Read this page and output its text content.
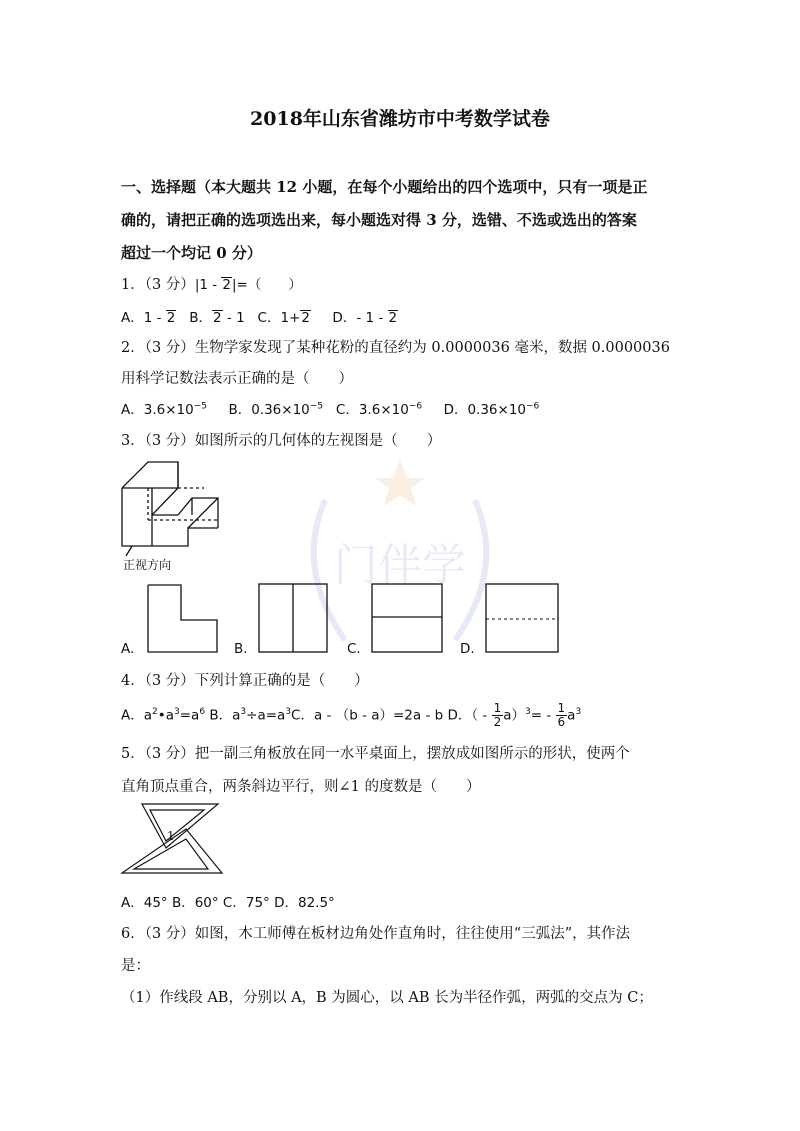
门伴学
2018年山东省潍坊市中考数学试卷
一、选择题（本大题共 12 小题，在每个小题给出的四个选项中，只有一项是正
确的，请把正确的选项选出来，每小题选对得 3 分，选错、不选或选出的答案
超过一个均记 0 分）
1．（3 分）|1 - 2|=（　　）
A．1 - 2 B．2 - 1 C．1+2 D．- 1 - 2
2．（3 分）生物学家发现了某种花粉的直径约为 0.0000036 毫米，数据 0.0000036
用科学记数法表示正确的是（　　）
A．$3.6\times 10^{-5}$ B．$0.36\times 10^{-5}$ C．$3.6\times 10^{-6}$ D．$0.36\times 10^{-6}$
3．（3 分）如图所示的几何体的左视图是（　　）
正视方向
A.	B.	C.	D.
4．（3 分）下列计算正确的是（　　）
A．$a^2•a^3=a^6$ B．$a^3\div a=a^3C$．a - （b - a）=2a - b D．（ - $\frac{1}{2} a)^3= - \frac{1}{6} a^3$
5．（3 分）把一副三角板放在同一水平桌面上，摆放成如图所示的形状，使两个
直角顶点重合，两条斜边平行，则∠1 的度数是（　　）
1
A．45° B．60° C．75° D．82.5°
6．（3 分）如图，木工师傅在板材边角处作直角时，往往使用“三弧法”，其作法
是：
（1）作线段 AB，分别以 A，B 为圆心，以 AB 长为半径作弧，两弧的交点为 C；
